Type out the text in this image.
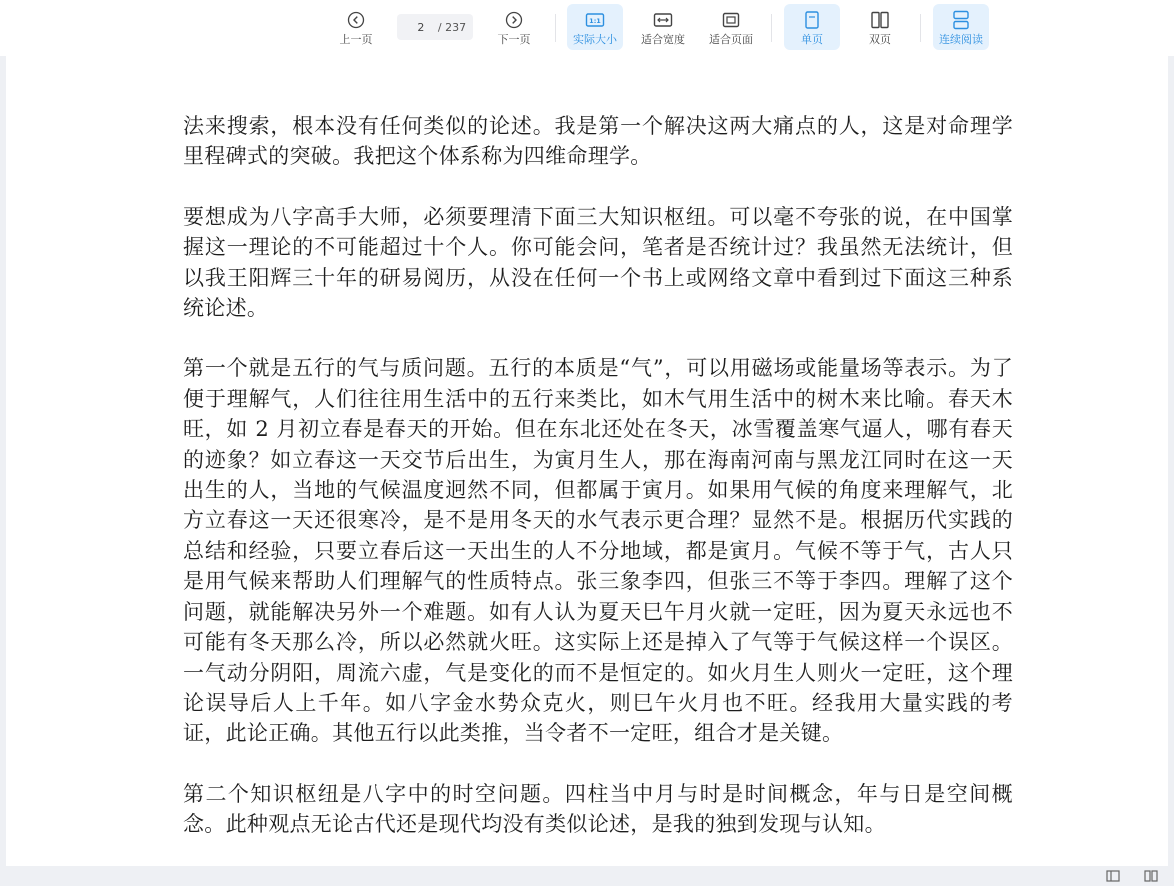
上一页
2
/ 237
下一页
1:1
实际大小 适合宽度 适合页面	单页	双页	连续阅读

法来搜索，根本没有任何类似的论述。我是第一个解决这两大痛点的人，这是对命理学里程碑式的突破。我把这个体系称为四维命理学。

要想成为八字高手大师，必须要理清下面三大知识枢纽。可以毫不夸张的说，在中国掌握这一理论的不可能超过十个人。你可能会问，笔者是否统计过？我虽然无法统计，但以我王阳辉三十年的研易阅历，从没在任何一个书上或网络文章中看到过下面这三种系统论述。

第一个就是五行的气与质问题。五行的本质是“气”，可以用磁场或能量场等表示。为了便于理解气，人们往往用生活中的五行来类比，如木气用生活中的树木来比喻。春天木旺，如 2 月初立春是春天的开始。但在东北还处在冬天，冰雪覆盖寒气逼人，哪有春天的迹象？如立春这一天交节后出生，为寅月生人，那在海南河南与黑龙江同时在这一天出生的人，当地的气候温度迥然不同，但都属于寅月。如果用气候的角度来理解气，北方立春这一天还很寒冷，是不是用冬天的水气表示更合理？显然不是。根据历代实践的总结和经验，只要立春后这一天出生的人不分地域，都是寅月。气候不等于气，古人只是用气候来帮助人们理解气的性质特点。张三象李四，但张三不等于李四。理解了这个问题，就能解决另外一个难题。如有人认为夏天巳午月火就一定旺，因为夏天永远也不可能有冬天那么冷，所以必然就火旺。这实际上还是掉入了气等于气候这样一个误区。一气动分阴阳，周流六虚，气是变化的而不是恒定的。如火月生人则火一定旺，这个理论误导后人上千年。如八字金水势众克火，则巳午火月也不旺。经我用大量实践的考证，此论正确。其他五行以此类推，当令者不一定旺，组合才是关键。

第二个知识枢纽是八字中的时空问题。四柱当中月与时是时间概念，年与日是空间概念。此种观点无论古代还是现代均没有类似论述，是我的独到发现与认知。
